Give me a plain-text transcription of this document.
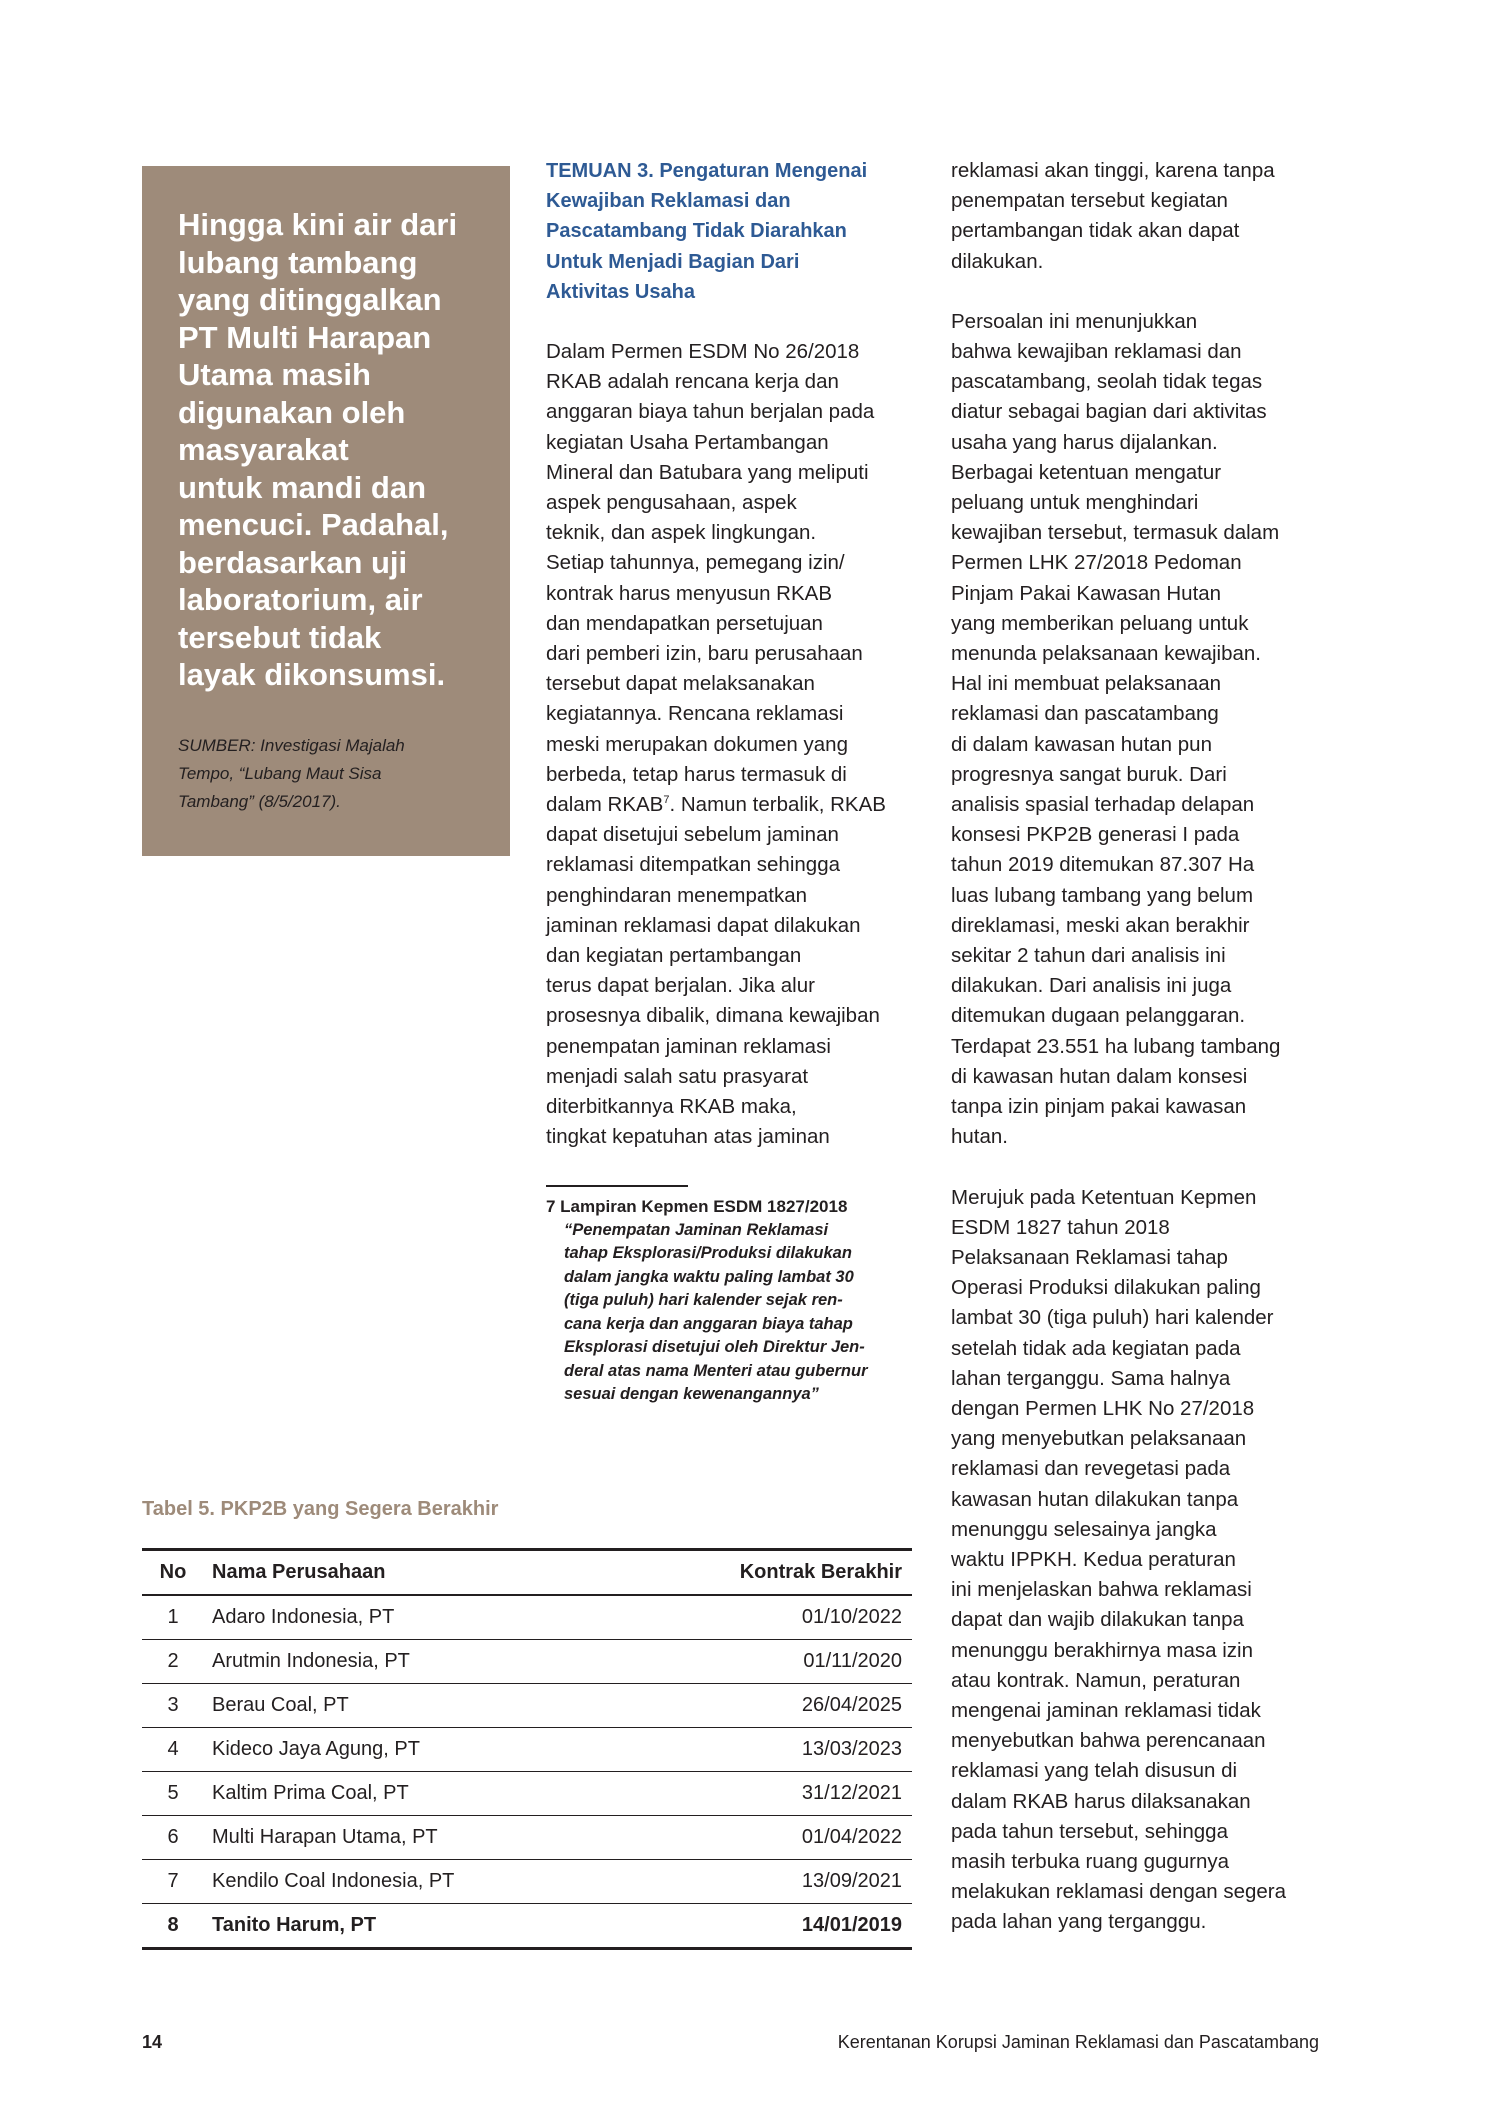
Hingga kini air dari
lubang tambang
yang ditinggalkan
PT Multi Harapan
Utama masih
digunakan oleh
masyarakat
untuk mandi dan
mencuci. Padahal,
berdasarkan uji
laboratorium, air
tersebut tidak
layak dikonsumsi.
SUMBER: Investigasi Majalah
Tempo, “Lubang Maut Sisa
Tambang” (8/5/2017).
TEMUAN 3. Pengaturan Mengenai
Kewajiban Reklamasi dan
Pascatambang Tidak Diarahkan
Untuk Menjadi Bagian Dari
Aktivitas Usaha
Dalam Permen ESDM No 26/2018
RKAB adalah rencana kerja dan
anggaran biaya tahun berjalan pada
kegiatan Usaha Pertambangan
Mineral dan Batubara yang meliputi
aspek pengusahaan, aspek
teknik, dan aspek lingkungan.
Setiap tahunnya, pemegang izin/
kontrak harus menyusun RKAB
dan mendapatkan persetujuan
dari pemberi izin, baru perusahaan
tersebut dapat melaksanakan
kegiatannya. Rencana reklamasi
meski merupakan dokumen yang
berbeda, tetap harus termasuk di
dalam RKAB$^7$. Namun terbalik, RKAB
dapat disetujui sebelum jaminan
reklamasi ditempatkan sehingga
penghindaran menempatkan
jaminan reklamasi dapat dilakukan
dan kegiatan pertambangan
terus dapat berjalan. Jika alur
prosesnya dibalik, dimana kewajiban
penempatan jaminan reklamasi
menjadi salah satu prasyarat
diterbitkannya RKAB maka,
tingkat kepatuhan atas jaminan
7 Lampiran Kepmen ESDM 1827/2018
“Penempatan Jaminan Reklamasi
tahap Eksplorasi/Produksi dilakukan
dalam jangka waktu paling lambat 30
(tiga puluh) hari kalender sejak ren-
cana kerja dan anggaran biaya tahap
Eksplorasi disetujui oleh Direktur Jen-
deral atas nama Menteri atau gubernur
sesuai dengan kewenangannya”
reklamasi akan tinggi, karena tanpa
penempatan tersebut kegiatan
pertambangan tidak akan dapat
dilakukan.
Persoalan ini menunjukkan
bahwa kewajiban reklamasi dan
pascatambang, seolah tidak tegas
diatur sebagai bagian dari aktivitas
usaha yang harus dijalankan.
Berbagai ketentuan mengatur
peluang untuk menghindari
kewajiban tersebut, termasuk dalam
Permen LHK 27/2018 Pedoman
Pinjam Pakai Kawasan Hutan
yang memberikan peluang untuk
menunda pelaksanaan kewajiban.
Hal ini membuat pelaksanaan
reklamasi dan pascatambang
di dalam kawasan hutan pun
progresnya sangat buruk. Dari
analisis spasial terhadap delapan
konsesi PKP2B generasi I pada
tahun 2019 ditemukan 87.307 Ha
luas lubang tambang yang belum
direklamasi, meski akan berakhir
sekitar 2 tahun dari analisis ini
dilakukan. Dari analisis ini juga
ditemukan dugaan pelanggaran.
Terdapat 23.551 ha lubang tambang
di kawasan hutan dalam konsesi
tanpa izin pinjam pakai kawasan
hutan.
Merujuk pada Ketentuan Kepmen
ESDM 1827 tahun 2018
Pelaksanaan Reklamasi tahap
Operasi Produksi dilakukan paling
lambat 30 (tiga puluh) hari kalender
setelah tidak ada kegiatan pada
lahan terganggu. Sama halnya
dengan Permen LHK No 27/2018
yang menyebutkan pelaksanaan
reklamasi dan revegetasi pada
kawasan hutan dilakukan tanpa
menunggu selesainya jangka
waktu IPPKH. Kedua peraturan
ini menjelaskan bahwa reklamasi
dapat dan wajib dilakukan tanpa
menunggu berakhirnya masa izin
atau kontrak. Namun, peraturan
mengenai jaminan reklamasi tidak
menyebutkan bahwa perencanaan
reklamasi yang telah disusun di
dalam RKAB harus dilaksanakan
pada tahun tersebut, sehingga
masih terbuka ruang gugurnya
melakukan reklamasi dengan segera
pada lahan yang terganggu.
Tabel 5. PKP2B yang Segera Berakhir
No	Nama Perusahaan	Kontrak Berakhir
1	Adaro Indonesia, PT	01/10/2022
2	Arutmin Indonesia, PT	01/11/2020
3	Berau Coal, PT	26/04/2025
4	Kideco Jaya Agung, PT	13/03/2023
5	Kaltim Prima Coal, PT	31/12/2021
6	Multi Harapan Utama, PT	01/04/2022
7	Kendilo Coal Indonesia, PT	13/09/2021
8	Tanito Harum, PT	14/01/2019
14	Kerentanan Korupsi Jaminan Reklamasi dan Pascatambang
